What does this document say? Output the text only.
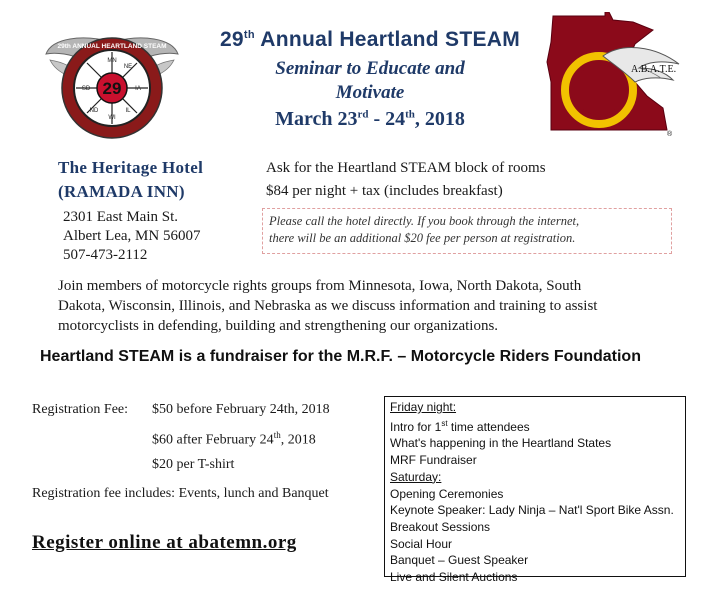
29
29th ANNUAL HEARTLAND STEAM
MN
NE
IA
IL
WI
ND
SD
29th Annual Heartland STEAM
Seminar to Educate and
Motivate
March 23rd - 24th, 2018
A.B.A.T.E.
®
The Heritage Hotel
(RAMADA INN)
2301 East Main St.
Albert Lea, MN 56007
507-473-2112
Ask for the Heartland STEAM block of rooms
$84 per night + tax (includes breakfast)
Please call the hotel directly. If you book through the internet,
there will be an additional $20 fee per person at registration.
Join members of motorcycle rights groups from Minnesota, Iowa, North Dakota, South
Dakota, Wisconsin, Illinois, and Nebraska as we discuss information and training to assist
motorcyclists in defending, building and strengthening our organizations.
Heartland STEAM is a fundraiser for the M.R.F. – Motorcycle Riders Foundation
Registration Fee: $50 before February 24th, 2018
$60 after February 24th, 2018
$20 per T-shirt
Registration fee includes: Events, lunch and Banquet
Register online at abatemn.org
Friday night:
Intro for 1st time attendees
What's happening in the Heartland States
MRF Fundraiser
Saturday:
Opening Ceremonies
Keynote Speaker: Lady Ninja – Nat'l Sport Bike Assn.
Breakout Sessions
Social Hour
Banquet – Guest Speaker
Live and Silent Auctions
